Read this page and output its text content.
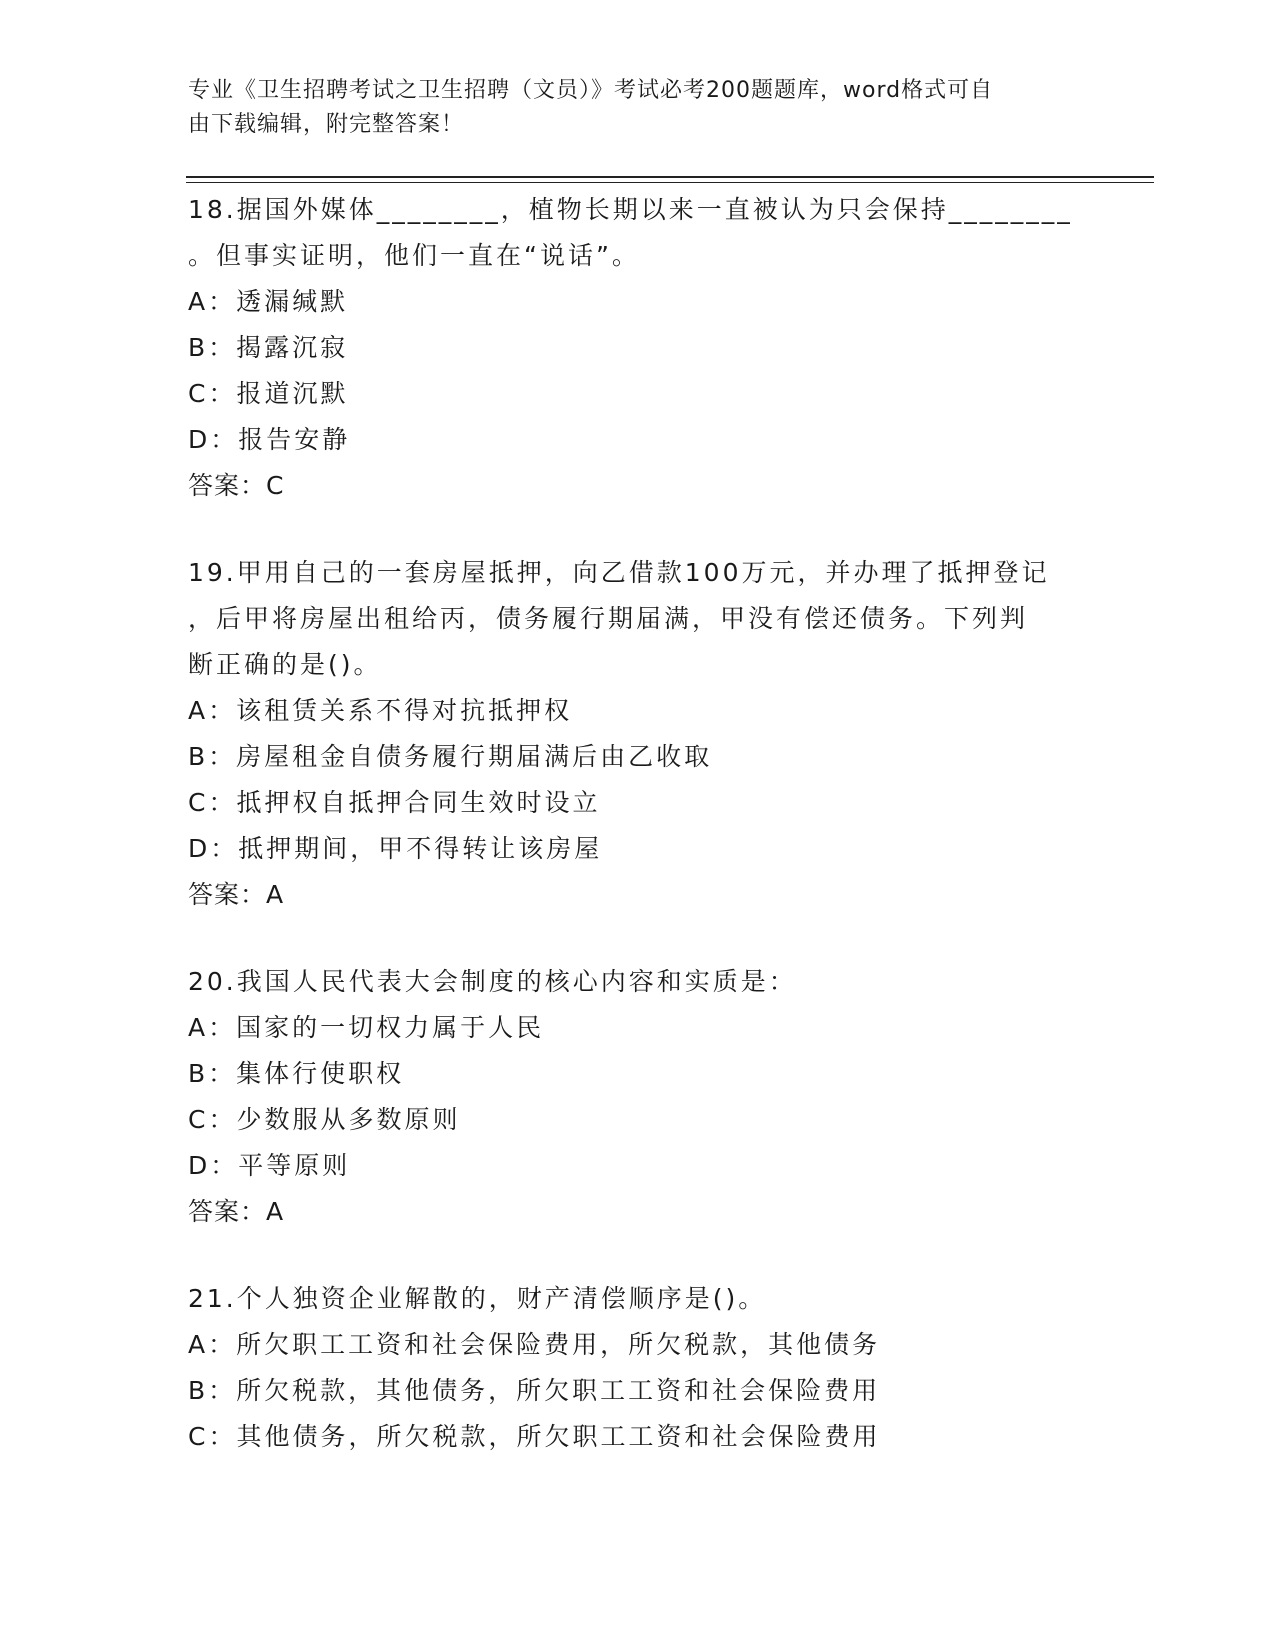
专业《卫生招聘考试之卫生招聘（文员）》考试必考200题题库，word格式可自
由下载编辑，附完整答案！
18.据国外媒体________，植物长期以来一直被认为只会保持________
。但事实证明，他们一直在“说话”。
A：透漏缄默
B：揭露沉寂
C：报道沉默
D：报告安静
答案：C
19.甲用自己的一套房屋抵押，向乙借款100万元，并办理了抵押登记
，后甲将房屋出租给丙，债务履行期届满，甲没有偿还债务。下列判
断正确的是()。
A：该租赁关系不得对抗抵押权
B：房屋租金自债务履行期届满后由乙收取
C：抵押权自抵押合同生效时设立
D：抵押期间，甲不得转让该房屋
答案：A
20.我国人民代表大会制度的核心内容和实质是：
A：国家的一切权力属于人民
B：集体行使职权
C：少数服从多数原则
D：平等原则
答案：A
21.个人独资企业解散的，财产清偿顺序是()。
A：所欠职工工资和社会保险费用，所欠税款，其他债务
B：所欠税款，其他债务，所欠职工工资和社会保险费用
C：其他债务，所欠税款，所欠职工工资和社会保险费用
